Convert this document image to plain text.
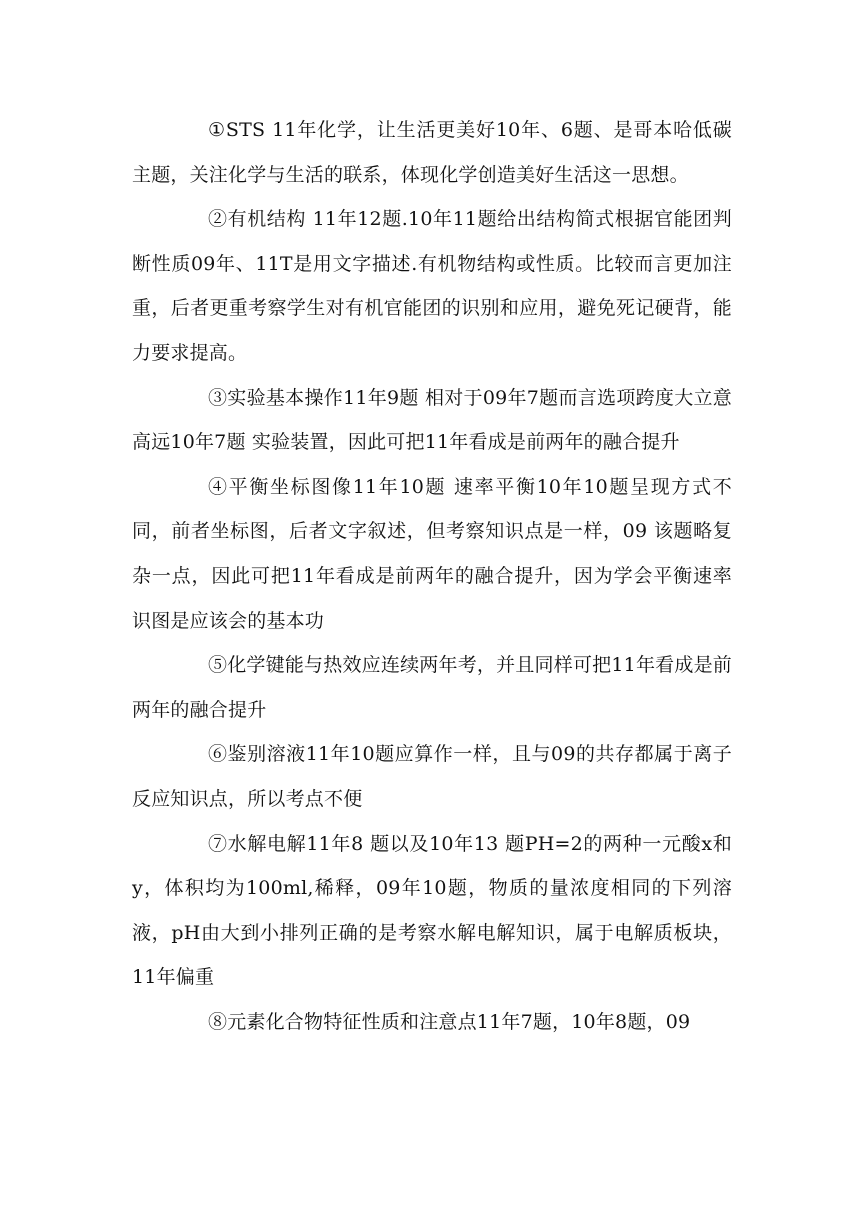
①STS 11年化学，让生活更美好10年、6题、是哥本哈低碳主题，关注化学与生活的联系，体现化学创造美好生活这一思想。

②有机结构 11年12题.10年11题给出结构简式根据官能团判断性质09年、11T是用文字描述.有机物结构或性质。比较而言更加注重，后者更重考察学生对有机官能团的识别和应用，避免死记硬背，能力要求提高。

③实验基本操作11年9题 相对于09年7题而言选项跨度大立意高远10年7题 实验装置，因此可把11年看成是前两年的融合提升

④平衡坐标图像11年10题 速率平衡10年10题呈现方式不同，前者坐标图，后者文字叙述，但考察知识点是一样，09 该题略复杂一点，因此可把11年看成是前两年的融合提升，因为学会平衡速率识图是应该会的基本功

⑤化学键能与热效应连续两年考，并且同样可把11年看成是前两年的融合提升

⑥鉴别溶液11年10题应算作一样，且与09的共存都属于离子反应知识点，所以考点不便

⑦水解电解11年8 题以及10年13 题PH=2的两种一元酸x和y，体积均为100ml,稀释，09年10题，物质的量浓度相同的下列溶液，pH由大到小排列正确的是考察水解电解知识，属于电解质板块，11年偏重

⑧元素化合物特征性质和注意点11年7题，10年8题，09
